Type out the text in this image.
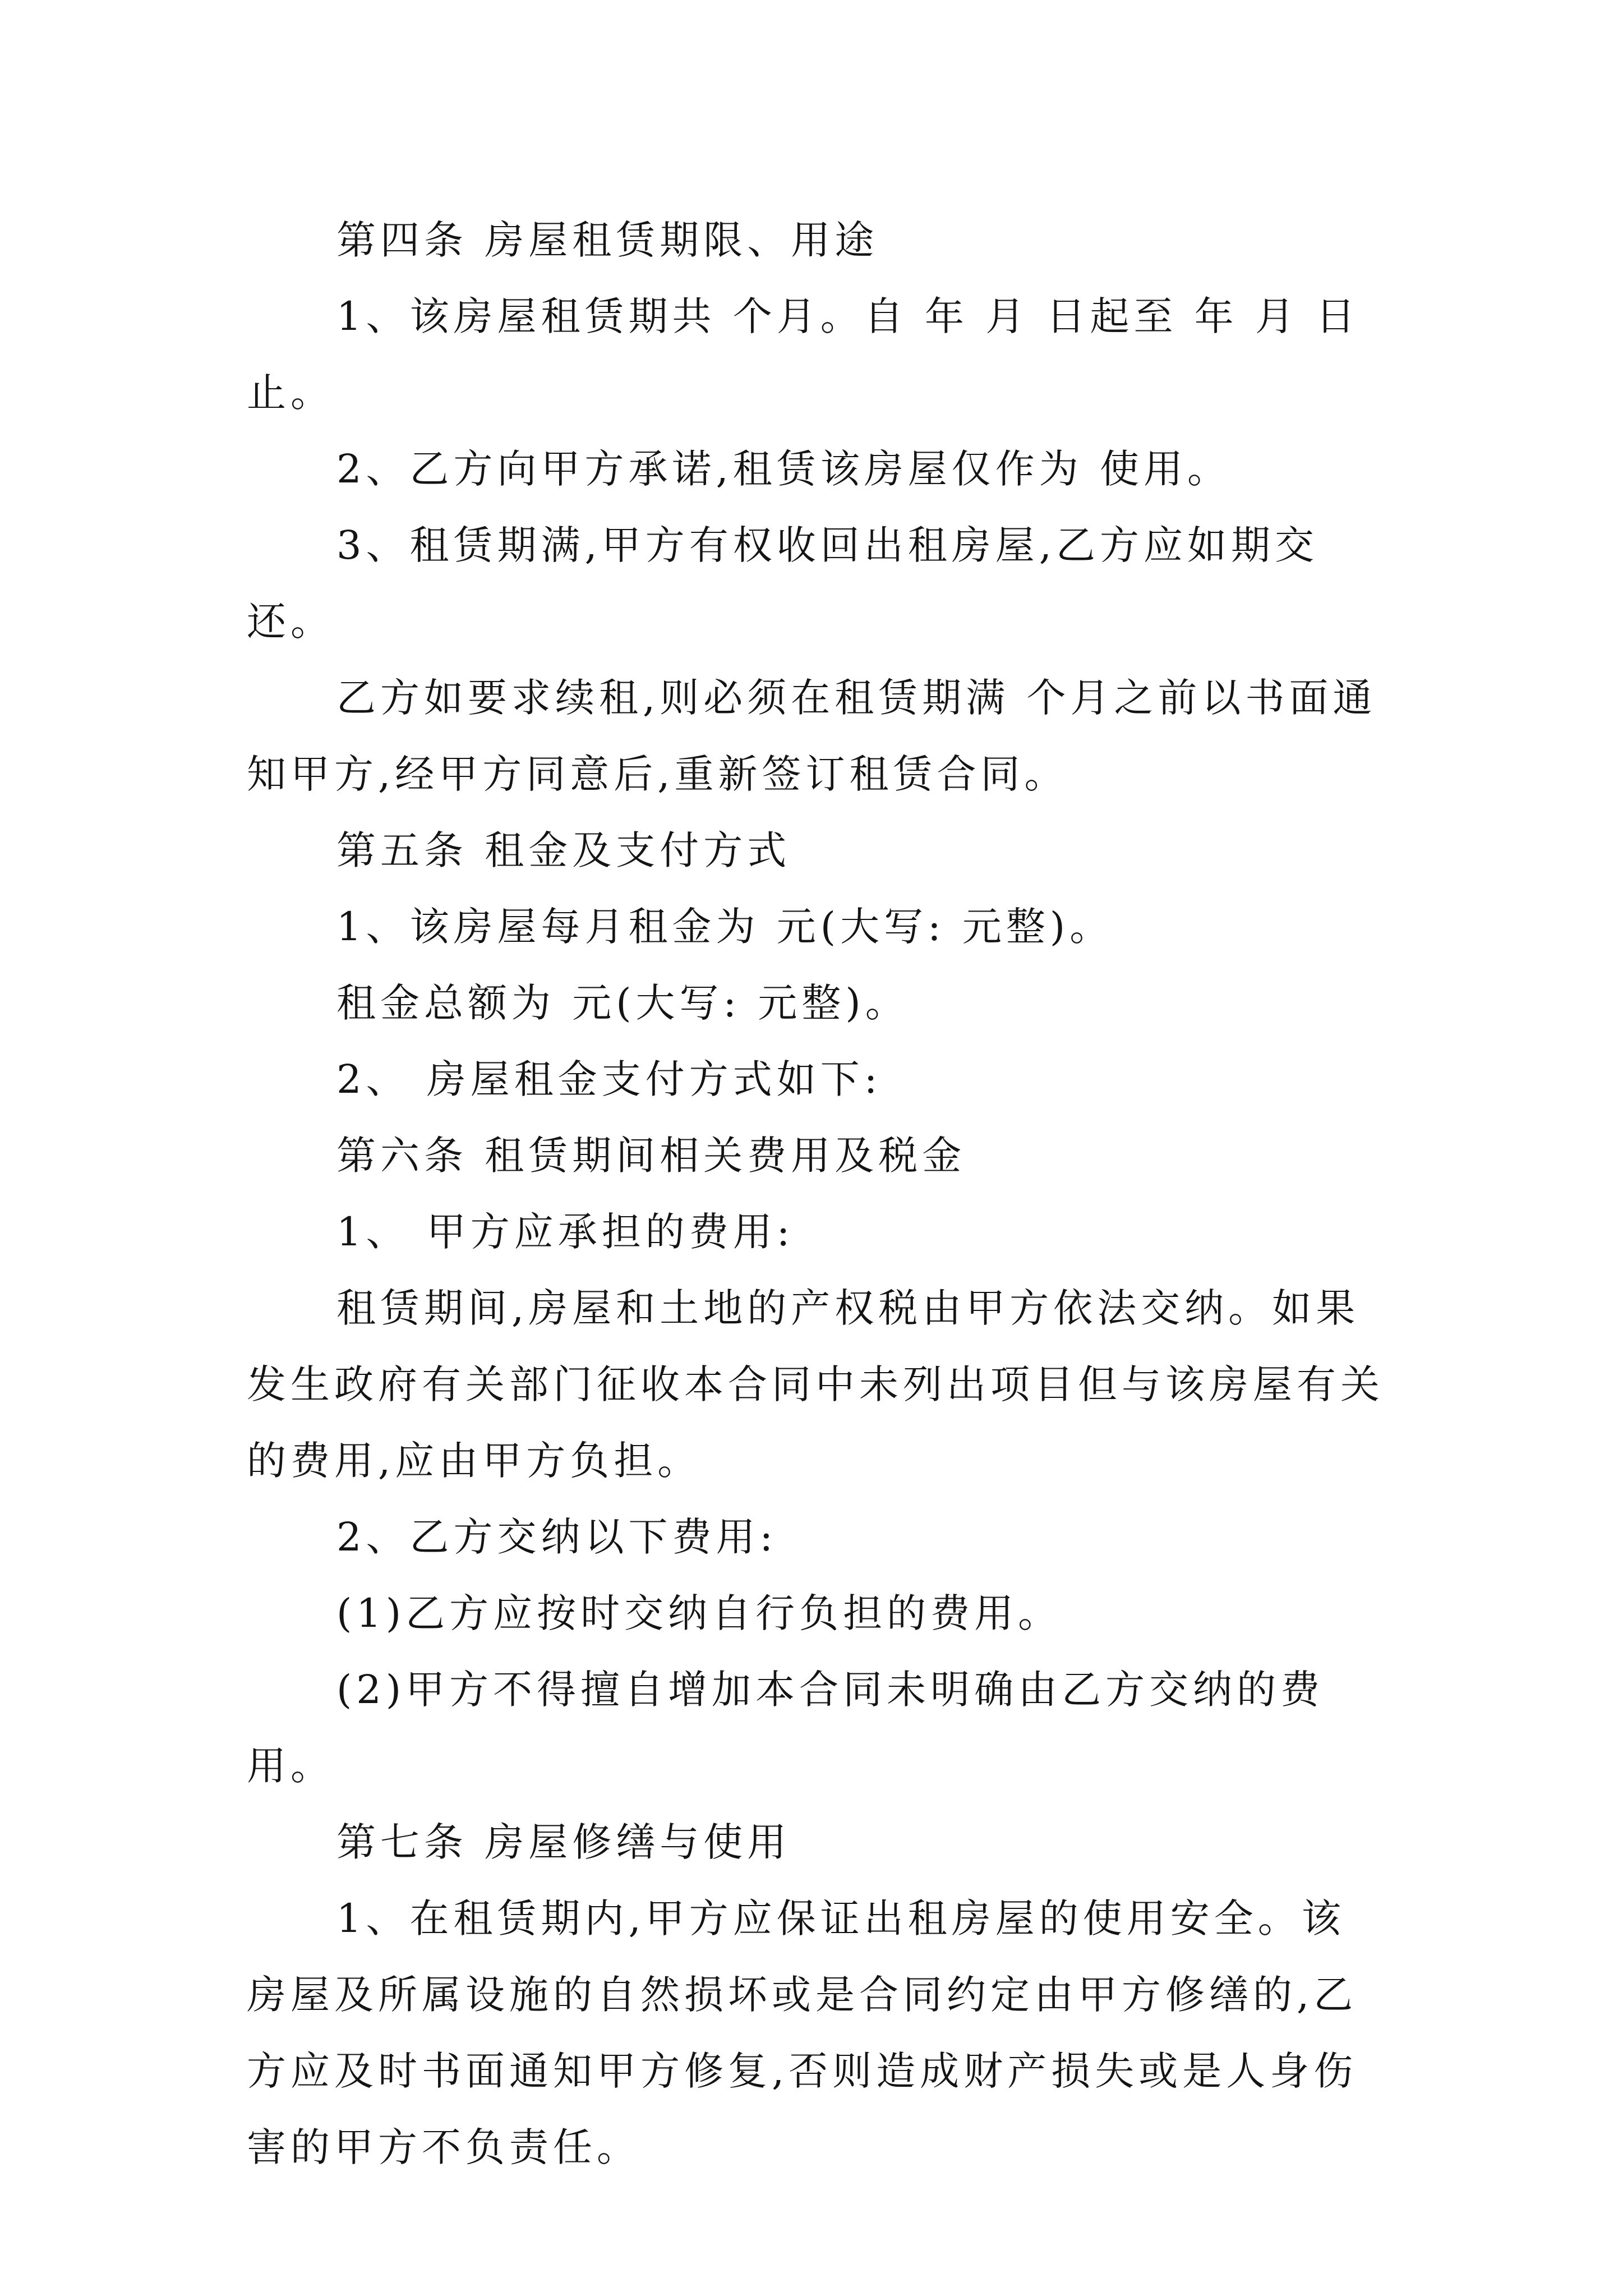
第四条 房屋租赁期限、用途

1、该房屋租赁期共 个月。自 年 月 日起至 年 月 日止。

2、乙方向甲方承诺,租赁该房屋仅作为 使用。

3、租赁期满,甲方有权收回出租房屋,乙方应如期交还。

乙方如要求续租,则必须在租赁期满 个月之前以书面通知甲方,经甲方同意后,重新签订租赁合同。

第五条 租金及支付方式

1、该房屋每月租金为 元(大写: 元整)。

租金总额为 元(大写: 元整)。

2、 房屋租金支付方式如下:

第六条 租赁期间相关费用及税金

1、 甲方应承担的费用:

租赁期间,房屋和土地的产权税由甲方依法交纳。如果发生政府有关部门征收本合同中未列出项目但与该房屋有关的费用,应由甲方负担。

2、乙方交纳以下费用:

(1)乙方应按时交纳自行负担的费用。

(2)甲方不得擅自增加本合同未明确由乙方交纳的费用。

第七条 房屋修缮与使用

1、在租赁期内,甲方应保证出租房屋的使用安全。该房屋及所属设施的自然损坏或是合同约定由甲方修缮的,乙方应及时书面通知甲方修复,否则造成财产损失或是人身伤害的甲方不负责任。
